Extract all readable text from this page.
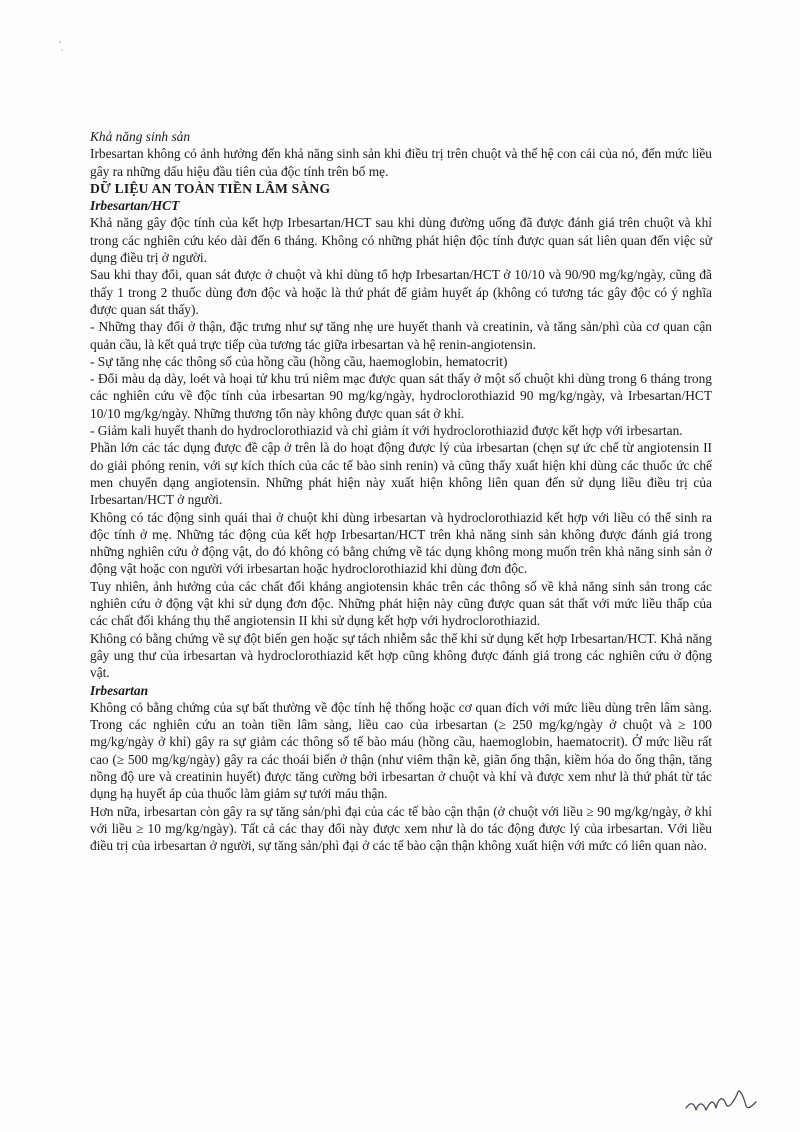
Khả năng sinh sản

Irbesartan không có ảnh hưởng đến khả năng sinh sản khi điều trị trên chuột và thế hệ con cái của nó, đến mức liều gây ra những dấu hiệu đầu tiên của độc tính trên bố mẹ.

DỮ LIỆU AN TOÀN TIỀN LÂM SÀNG

Irbesartan/HCT

Khả năng gây độc tính của kết hợp Irbesartan/HCT sau khi dùng đường uống đã được đánh giá trên chuột và khỉ trong các nghiên cứu kéo dài đến 6 tháng. Không có những phát hiện độc tính được quan sát liên quan đến việc sử dụng điều trị ở người.

Sau khi thay đổi, quan sát được ở chuột và khỉ dùng tổ hợp Irbesartan/HCT ở 10/10 và 90/90 mg/kg/ngày, cũng đã thấy 1 trong 2 thuốc dùng đơn độc và hoặc là thứ phát để giảm huyết áp (không có tương tác gây độc có ý nghĩa được quan sát thấy).

- Những thay đổi ở thận, đặc trưng như sự tăng nhẹ ure huyết thanh và creatinin, và tăng sản/phì của cơ quan cận quản cầu, là kết quả trực tiếp của tương tác giữa irbesartan và hệ renin-angiotensin.

- Sự tăng nhẹ các thông số của hồng cầu (hồng cầu, haemoglobin, hematocrit)

- Đổi màu dạ dày, loét và hoại tử khu trú niêm mạc được quan sát thấy ở một số chuột khi dùng trong 6 tháng trong các nghiên cứu về độc tính của irbesartan 90 mg/kg/ngày, hydroclorothiazid 90 mg/kg/ngày, và Irbesartan/HCT 10/10 mg/kg/ngày. Những thương tổn này không được quan sát ở khỉ.

- Giảm kali huyết thanh do hydroclorothiazid và chỉ giảm ít với hydroclorothiazid được kết hợp với irbesartan.

Phần lớn các tác dụng được đề cập ở trên là do hoạt động được lý của irbesartan (chẹn sự ức chế từ angiotensin II do giải phóng renin, với sự kích thích của các tế bào sinh renin) và cũng thấy xuất hiện khi dùng các thuốc ức chế men chuyển dạng angiotensin. Những phát hiện này xuất hiện không liên quan đến sử dụng liều điều trị của Irbesartan/HCT ở người.

Không có tác động sinh quái thai ở chuột khi dùng irbesartan và hydroclorothiazid kết hợp với liều có thể sinh ra độc tính ở mẹ. Những tác động của kết hợp Irbesartan/HCT trên khả năng sinh sản không được đánh giá trong những nghiên cứu ở động vật, do đó không có bằng chứng về tác dụng không mong muốn trên khả năng sinh sản ở động vật hoặc con người với irbesartan hoặc hydroclorothiazid khi dùng đơn độc.

Tuy nhiên, ảnh hưởng của các chất đối kháng angiotensin khác trên các thông số về khả năng sinh sản trong các nghiên cứu ở động vật khi sử dụng đơn độc. Những phát hiện này cũng được quan sát thất với mức liều thấp của các chất đối kháng thụ thể angiotensin II khi sử dụng kết hợp với hydroclorothiazid.

Không có bằng chứng về sự đột biến gen hoặc sự tách nhiễm sắc thể khi sử dụng kết hợp Irbesartan/HCT. Khả năng gây ung thư của irbesartan và hydroclorothiazid kết hợp cũng không được đánh giá trong các nghiên cứu ở động vật.

Irbesartan

Không có bằng chứng của sự bất thường về độc tính hệ thống hoặc cơ quan đích với mức liều dùng trên lâm sàng. Trong các nghiên cứu an toàn tiền lâm sàng, liều cao của irbesartan (≥ 250 mg/kg/ngày ở chuột và ≥ 100 mg/kg/ngày ở khỉ) gây ra sự giảm các thông số tế bào máu (hồng cầu, haemoglobin, haematocrit). Ở mức liều rất cao (≥ 500 mg/kg/ngày) gây ra các thoái biến ở thận (như viêm thận kẽ, giãn ống thận, kiềm hóa do ống thận, tăng nồng độ ure và creatinin huyết) được tăng cường bởi irbesartan ở chuột và khỉ và được xem như là thứ phát từ tác dụng hạ huyết áp của thuốc làm giảm sự tưới máu thận.

Hơn nữa, irbesartan còn gây ra sự tăng sản/phì đại của các tế bào cận thận (ở chuột với liều ≥ 90 mg/kg/ngày, ở khỉ với liều ≥ 10 mg/kg/ngày). Tất cả các thay đổi này được xem như là do tác động được lý của irbesartan. Với liều điều trị của irbesartan ở người, sự tăng sản/phì đại ở các tế bào cận thận không xuất hiện với mức có liên quan nào.
